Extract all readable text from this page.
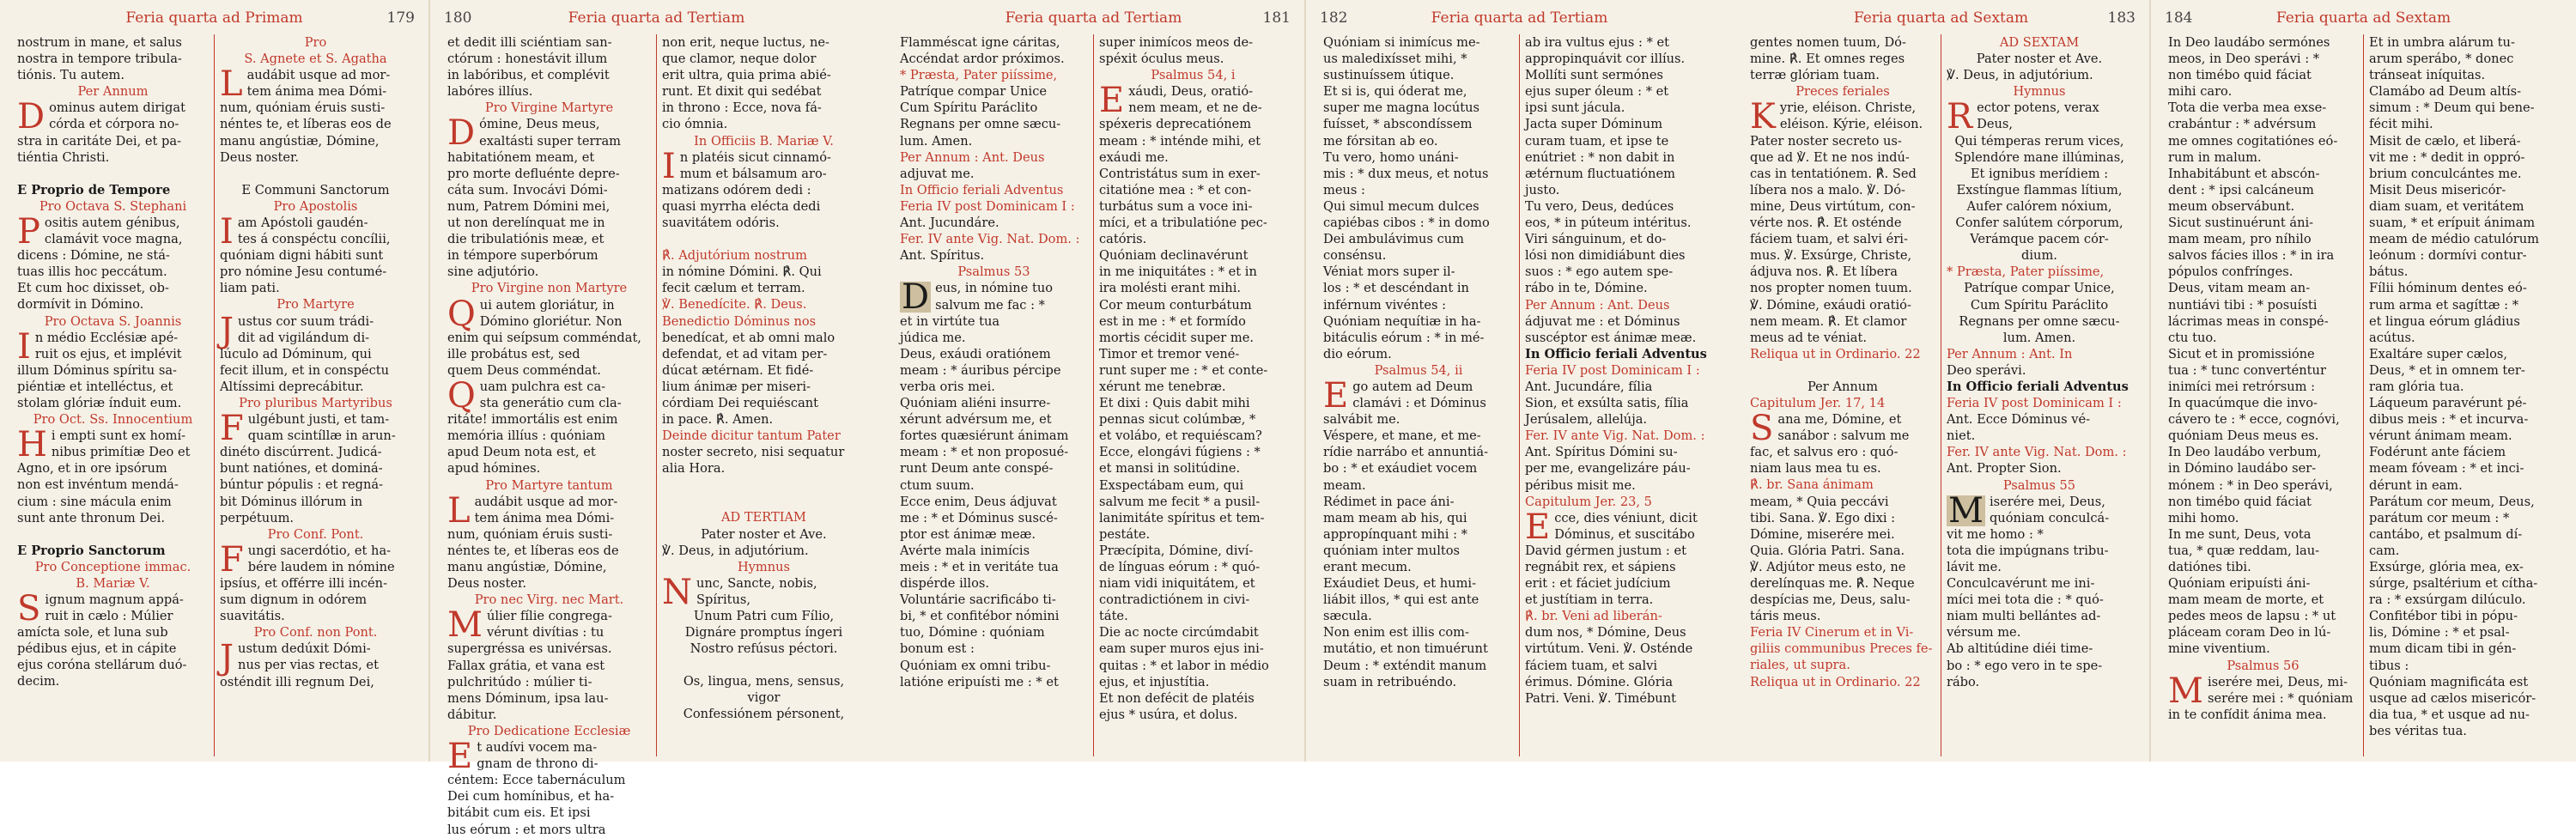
Feria quarta ad Primam	179
nostrum in mane, et salus
nostra in tempore tribula-
tiónis. Tu autem.
Per Annum
Dominus autem dirigat
córda et córpora no-
stra in caritáte Dei, et pa-
tiéntia Christi.
E Proprio de Tempore
Pro Octava S. Stephani
Positis autem génibus,
clamávit voce magna,
dicens : Dómine, ne stá-
tuas illis hoc peccátum.
Et cum hoc dixisset, ob-
dormívit in Dómino.
Pro Octava S. Joannis
In médio Ecclésiæ apé-
ruit os ejus, et implévit
illum Dóminus spíritu sa-
piéntiæ et intelléctus, et
stolam glóriæ índuit eum.
Pro Oct. Ss. Innocentium
Hi empti sunt ex homí-
nibus primítiæ Deo et
Agno, et in ore ipsórum
non est invéntum mendá-
cium : sine mácula enim
sunt ante thronum Dei.
E Proprio Sanctorum
Pro Conceptione immac.
B. Mariæ V.
Signum magnum appá-
ruit in cælo : Múlier
amícta sole, et luna sub
pédibus ejus, et in cápite
ejus coróna stellárum duó-
decim.
Pro
S. Agnete et S. Agatha
Laudábit usque ad mor-
tem ánima mea Dómi-
num, quóniam éruis susti-
néntes te, et líberas eos de
manu angústiæ, Dómine,
Deus noster.
E Communi Sanctorum
Pro Apostolis
Iam Apóstoli gaudén-
tes á conspéctu concílii,
quóniam digni hábiti sunt
pro nómine Jesu contumé-
liam pati.
Pro Martyre
Justus cor suum trádi-
dit ad vigilándum di-
lúculo ad Dóminum, qui
fecit illum, et in conspéctu
Altíssimi deprecábitur.
Pro pluribus Martyribus
Fulgébunt justi, et tam-
quam scintíllæ in arun-
dinéto discúrrent. Judicá-
bunt natiónes, et dominá-
búntur pópulis : et regná-
bit Dóminus illórum in
perpétuum.
Pro Conf. Pont.
Fungi sacerdótio, et ha-
bére laudem in nómine
ipsíus, et offérre illi incén-
sum dignum in odórem
suavitátis.
Pro Conf. non Pont.
Justum dedúxit Dómi-
nus per vias rectas, et
osténdit illi regnum Dei,
Feria quarta ad Tertiam
180
et dedit illi sciéntiam san-
ctórum : honestávit illum
in labóribus, et complévit
labóres illíus.
Pro Virgine Martyre
Dómine, Deus meus,
exaltásti super terram
habitatiónem meam, et
pro morte defluénte depre-
cáta sum. Invocávi Dómi-
num, Patrem Dómini mei,
ut non derelínquat me in
die tribulatiónis meæ, et
in témpore superbórum
sine adjutório.
Pro Virgine non Martyre
Qui autem gloriátur, in
Dómino gloriétur. Non
enim qui seípsum comméndat,
ille probátus est, sed
quem Deus comméndat.
Quam pulchra est ca-
sta generátio cum cla-
ritáte! immortális est enim
memória illíus : quóniam
apud Deum nota est, et
apud hómines.
Pro Martyre tantum
Laudábit usque ad mor-
tem ánima mea Dómi-
num, quóniam éruis susti-
néntes te, et líberas eos de
manu angústiæ, Dómine,
Deus noster.
Pro nec Virg. nec Mart.
Múlier fílie congrega-
vérunt divítias : tu
supergréssa es univérsas.
Fallax grátia, et vana est
pulchritúdo : múlier ti-
mens Dóminum, ipsa lau-
dábitur.
Pro Dedicatione Ecclesiæ
Et audívi vocem ma-
gnam de throno di-
céntem: Ecce tabernáculum
Dei cum homínibus, et ha-
bitábit cum eis. Et ipsi
lus eórum : et mors ultra
non erit, neque luctus, ne-
que clamor, neque dolor
erit ultra, quia prima abié-
runt. Et dixit qui sedébat
in throno : Ecce, nova fá-
cio ómnia.
In Officiis B. Mariæ V.
In platéis sicut cinnamó-
mum et bálsamum aro-
matizans odórem dedi :
quasi myrrha elécta dedi
suavitátem odóris.
℟. Adjutórium nostrum
in nómine Dómini. ℟. Qui
fecit cælum et terram.
℣. Benedícite. ℟. Deus.
Benedictio Dóminus nos
benedícat, et ab omni malo
defendat, et ad vitam per-
dúcat ætérnam. Et fidé-
lium ánimæ per miseri-
córdiam Dei requiéscant
in pace. ℟. Amen.
Deinde dicitur tantum Pater
noster secreto, nisi sequatur
alia Hora.
AD TERTIAM
Pater noster et Ave.
℣. Deus, in adjutórium.
Hymnus
Nunc, Sancte, nobis,
Spíritus,
Unum Patri cum Fílio,
Dignáre promptus íngeri
Nostro refúsus péctori.
Os, lingua, mens, sensus,
vigor
Confessiónem pérsonent,
Feria quarta ad Tertiam	181
Flamméscat igne cáritas,
Accéndat ardor próximos.
* Præsta, Pater piíssime,
Patríque compar Unice
Cum Spíritu Paráclito
Regnans per omne sæcu-
lum. Amen.
Per Annum : Ant. Deus
adjuvat me.
In Officio feriali Adventus
Feria IV post Dominicam I :
Ant. Jucundáre.
Fer. IV ante Vig. Nat. Dom. :
Ant. Spíritus.
Psalmus 53
Deus, in nómine tuo
salvum me fac : *
et in virtúte tua
júdica me.
Deus, exáudi oratiónem
meam : * áuribus pércipe
verba oris mei.
Quóniam aliéni insurre-
xérunt advérsum me, et
fortes quæsiérunt ánimam
meam : * et non proposué-
runt Deum ante conspé-
ctum suum.
Ecce enim, Deus ádjuvat
me : * et Dóminus suscé-
ptor est ánimæ meæ.
Avérte mala inimícis
meis : * et in veritáte tua
dispérde illos.
Voluntárie sacrificábo ti-
bi, * et confitébor nómini
tuo, Dómine : quóniam
bonum est :
Quóniam ex omni tribu-
latióne eripuísti me : * et
super inimícos meos de-
spéxit óculus meus.
Psalmus 54, i
Exáudi, Deus, oratió-
nem meam, et ne de-
spéxeris deprecatiónem
meam : * inténde mihi, et
exáudi me.
Contristátus sum in exer-
citatióne mea : * et con-
turbátus sum a voce ini-
míci, et a tribulatióne pec-
catóris.
Quóniam declinavérunt
in me iniquitátes : * et in
ira molésti erant mihi.
Cor meum conturbátum
est in me : * et formído
mortis cécidit super me.
Timor et tremor vené-
runt super me : * et conte-
xérunt me tenebræ.
Et dixi : Quis dabit mihi
pennas sicut colúmbæ, *
et volábo, et requiéscam?
Ecce, elongávi fúgiens : *
et mansi in solitúdine.
Exspectábam eum, qui
salvum me fecit * a pusil-
lanimitáte spíritus et tem-
pestáte.
Præcípita, Dómine, diví-
de línguas eórum : * quó-
niam vidi iniquitátem, et
contradictiónem in civi-
táte.
Die ac nocte circúmdabit
eam super muros ejus ini-
quitas : * et labor in médio
ejus, et injustítia.
Et non defécit de platéis
ejus * usúra, et dolus.
Feria quarta ad Tertiam
182
Quóniam si inimícus me-
us maledixísset mihi, *
sustinuíssem útique.
Et si is, qui óderat me,
super me magna locútus
fuísset, * abscondíssem
me fórsitan ab eo.
Tu vero, homo unáni-
mis : * dux meus, et notus
meus :
Qui simul mecum dulces
capiébas cibos : * in domo
Dei ambulávimus cum
consénsu.
Véniat mors super il-
los : * et descéndant in
inférnum vivéntes :
Quóniam nequítiæ in ha-
bitáculis eórum : * in mé-
dio eórum.
Psalmus 54, ii
Ego autem ad Deum
clamávi : et Dóminus
salvábit me.
Véspere, et mane, et me-
rídie narrábo et annuntiá-
bo : * et exáudiet vocem
meam.
Rédimet in pace áni-
mam meam ab his, qui
appropínquant mihi : *
quóniam inter multos
erant mecum.
Exáudiet Deus, et humi-
liábit illos, * qui est ante
sæcula.
Non enim est illis com-
mutátio, et non timuérunt
Deum : * exténdit manum
suam in retribuéndo.
ab ira vultus ejus : * et
appropinquávit cor illíus.
Mollíti sunt sermónes
ejus super óleum : * et
ipsi sunt jácula.
Jacta super Dóminum
curam tuam, et ipse te
enútriet : * non dabit in
ætérnum fluctuatiónem
justo.
Tu vero, Deus, dedúces
eos, * in púteum intéritus.
Viri sánguinum, et do-
lósi non dimidiábunt dies
suos : * ego autem spe-
rábo in te, Dómine.
Per Annum : Ant. Deus
ádjuvat me : et Dóminus
suscéptor est ánimæ meæ.
In Officio feriali Adventus
Feria IV post Dominicam I :
Ant. Jucundáre, fília
Sion, et exsúlta satis, fília
Jerúsalem, allelúja.
Fer. IV ante Vig. Nat. Dom. :
Ant. Spíritus Dómini su-
per me, evangelizáre páu-
péribus misit me.
Capitulum Jer. 23, 5
Ecce, dies véniunt, dicit
Dóminus, et suscitábo
David gérmen justum : et
regnábit rex, et sápiens
erit : et fáciet judícium
et justítiam in terra.
℟. br. Veni ad liberán-
dum nos, * Dómine, Deus
virtútum. Veni. ℣. Osténde
fáciem tuam, et salvi
érimus. Dómine. Glória
Patri. Veni. ℣. Timébunt
Feria quarta ad Sextam	183
gentes nomen tuum, Dó-
mine. ℟. Et omnes reges
terræ glóriam tuam.
Preces feriales
Kyrie, eléison. Christe,
eléison. Kýrie, eléison.
Pater noster secreto us-
que ad ℣. Et ne nos indú-
cas in tentatiónem. ℟. Sed
líbera nos a malo. ℣. Dó-
mine, Deus virtútum, con-
vérte nos. ℟. Et osténde
fáciem tuam, et salvi éri-
mus. ℣. Exsúrge, Christe,
ádjuva nos. ℟. Et líbera
nos propter nomen tuum.
℣. Dómine, exáudi oratió-
nem meam. ℟. Et clamor
meus ad te véniat.
Reliqua ut in Ordinario. 22
Per Annum
Capitulum Jer. 17, 14
Sana me, Dómine, et
sanábor : salvum me
fac, et salvus ero : quó-
niam laus mea tu es.
℟. br. Sana ánimam
meam, * Quia peccávi
tibi. Sana. ℣. Ego dixi :
Dómine, miserére mei.
Quia. Glória Patri. Sana.
℣. Adjútor meus esto, ne
derelínquas me. ℟. Neque
despícias me, Deus, salu-
táris meus.
Feria IV Cinerum et in Vi-
giliis communibus Preces fe-
riales, ut supra.
Reliqua ut in Ordinario. 22
AD SEXTAM
Pater noster et Ave.
℣. Deus, in adjutórium.
Hymnus
Rector potens, verax
Deus,
Qui témperas rerum vices,
Splendóre mane illúminas,
Et ignibus merídiem :
Exstíngue flammas lítium,
Aufer calórem nóxium,
Confer salútem córporum,
Verámque pacem cór-
dium.
* Præsta, Pater piíssime,
Patríque compar Unice,
Cum Spíritu Paráclito
Regnans per omne sæcu-
lum. Amen.
Per Annum : Ant. In
Deo sperávi.
In Officio feriali Adventus
Feria IV post Dominicam I :
Ant. Ecce Dóminus vé-
niet.
Fer. IV ante Vig. Nat. Dom. :
Ant. Propter Sion.
Psalmus 55
Miserére mei, Deus,
quóniam conculcá-
vit me homo : *
tota die impúgnans tribu-
lávit me.
Conculcavérunt me ini-
míci mei tota die : * quó-
niam multi bellántes ad-
vérsum me.
Ab altitúdine diéi time-
bo : * ego vero in te spe-
rábo.
Feria quarta ad Sextam
184
In Deo laudábo sermónes
meos, in Deo sperávi : *
non timébo quid fáciat
mihi caro.
Tota die verba mea exse-
crabántur : * advérsum
me omnes cogitatiónes eó-
rum in malum.
Inhabitábunt et abscón-
dent : * ipsi calcáneum
meum observábunt.
Sicut sustinuérunt áni-
mam meam, pro níhilo
salvos fácies illos : * in ira
pópulos confrínges.
Deus, vitam meam an-
nuntiávi tibi : * posuísti
lácrimas meas in conspé-
ctu tuo.
Sicut et in promissióne
tua : * tunc converténtur
inimíci mei retrórsum :
In quacúmque die invo-
cávero te : * ecce, cognóvi,
quóniam Deus meus es.
In Deo laudábo verbum,
in Dómino laudábo ser-
mónem : * in Deo sperávi,
non timébo quid fáciat
mihi homo.
In me sunt, Deus, vota
tua, * quæ reddam, lau-
datiónes tibi.
Quóniam eripuísti áni-
mam meam de morte, et
pedes meos de lapsu : * ut
pláceam coram Deo in lú-
mine viventium.
Psalmus 56
Miserére mei, Deus, mi-
serére mei : * quóniam
in te confídit ánima mea.
Et in umbra alárum tu-
arum sperábo, * donec
tránseat iníquitas.
Clamábo ad Deum altís-
simum : * Deum qui bene-
fécit mihi.
Misit de cælo, et liberá-
vit me : * dedit in oppró-
brium conculcántes me.
Misit Deus misericór-
diam suam, et veritátem
suam, * et erípuit ánimam
meam de médio catulórum
leónum : dormívi contur-
bátus.
Fílii hóminum dentes eó-
rum arma et sagíttæ : *
et lingua eórum gládius
acútus.
Exaltáre super cælos,
Deus, * et in omnem ter-
ram glória tua.
Láqueum paravérunt pé-
dibus meis : * et incurva-
vérunt ánimam meam.
Fodérunt ante fáciem
meam fóveam : * et inci-
dérunt in eam.
Parátum cor meum, Deus,
parátum cor meum : *
cantábo, et psalmum dí-
cam.
Exsúrge, glória mea, ex-
súrge, psaltérium et cítha-
ra : * exsúrgam dilúculo.
Confitébor tibi in pópu-
lis, Dómine : * et psal-
mum dicam tibi in gén-
tibus :
Quóniam magnificáta est
usque ad cælos misericór-
dia tua, * et usque ad nu-
bes véritas tua.
